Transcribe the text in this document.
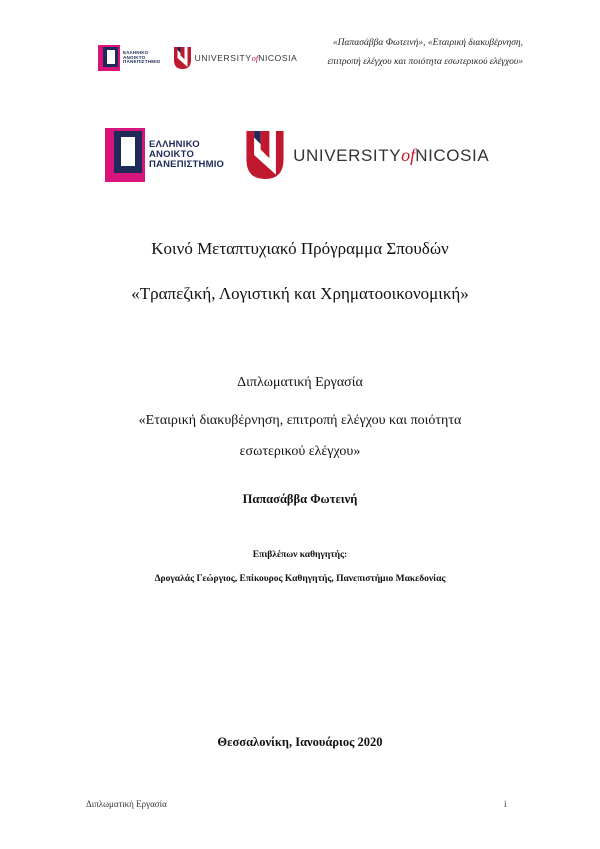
ΕΛΛΗΝΙΚΟ
ΑΝΟΙΚΤΟ
ΠΑΝΕΠΙΣΤΗΜΙΟ	UNIVERSITYofNICOSIA
«Παπασάββα Φωτεινή», «Εταιρική διακυβέρνηση,
επιτροπή ελέγχου και ποιότητα εσωτερικού ελέγχου»
ΕΛΛΗΝΙΚΟ
ΑΝΟΙΚΤΟ
ΠΑΝΕΠΙΣΤΗΜΙΟ	UNIVERSITYofNICOSIA
Κοινό Μεταπτυχιακό Πρόγραμμα Σπουδών
«Τραπεζική, Λογιστική και Χρηματοοικονομική»
Διπλωματική Εργασία
«Εταιρική διακυβέρνηση, επιτροπή ελέγχου και ποιότητα
εσωτερικού ελέγχου»
Παπασάββα Φωτεινή
Επιβλέπων καθηγητής:
Δρογαλάς Γεώργιος, Επίκουρος Καθηγητής, Πανεπιστήμιο Μακεδονίας
Θεσσαλονίκη, Ιανουάριος 2020
Διπλωματική Εργασία	i
